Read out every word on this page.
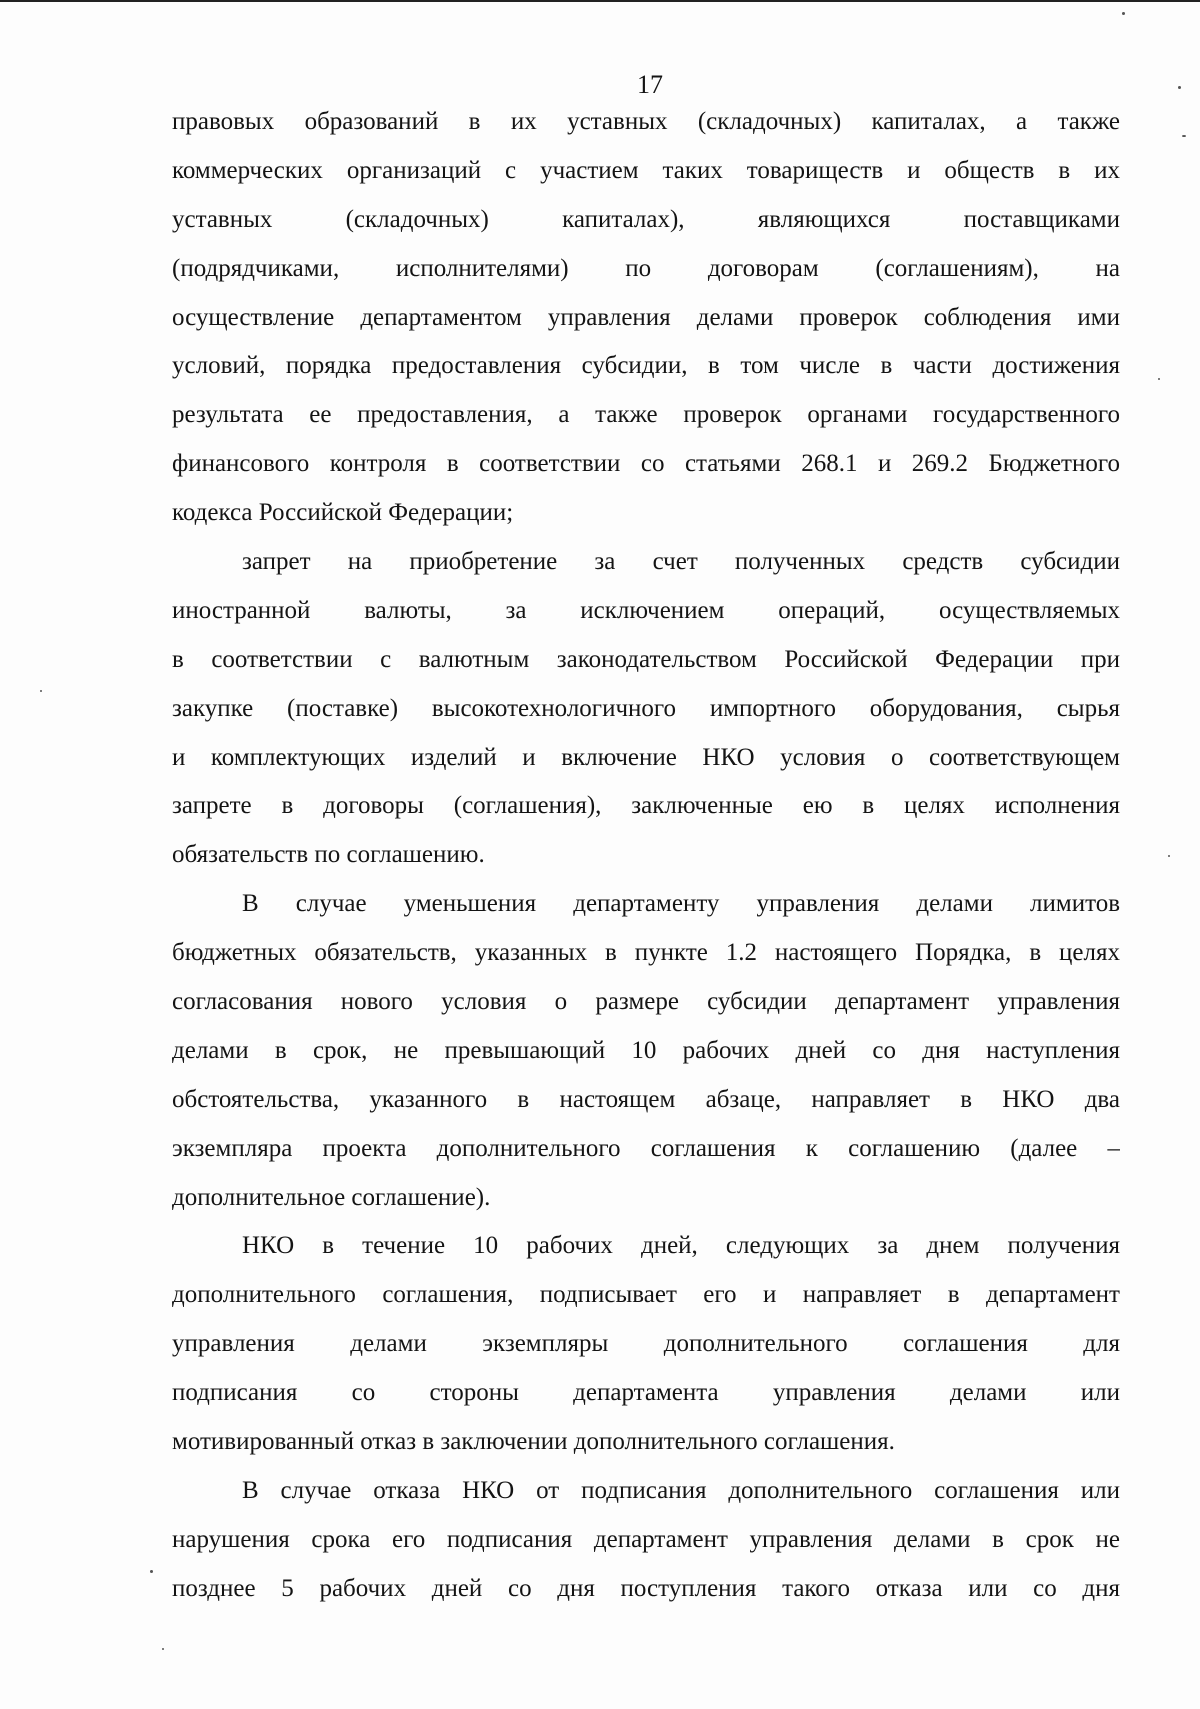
17
правовых образований в их уставных (складочных) капиталах, а также
коммерческих организаций с участием таких товариществ и обществ в их
уставных (складочных) капиталах), являющихся поставщиками
(подрядчиками, исполнителями) по договорам (соглашениям), на
осуществление департаментом управления делами проверок соблюдения ими
условий, порядка предоставления субсидии, в том числе в части достижения
результата ее предоставления, а также проверок органами государственного
финансового контроля в соответствии со статьями 268.1 и 269.2 Бюджетного
кодекса Российской Федерации;
запрет на приобретение за счет полученных средств субсидии
иностранной валюты, за исключением операций, осуществляемых
в соответствии с валютным законодательством Российской Федерации при
закупке (поставке) высокотехнологичного импортного оборудования, сырья
и комплектующих изделий и включение НКО условия о соответствующем
запрете в договоры (соглашения), заключенные ею в целях исполнения
обязательств по соглашению.
В случае уменьшения департаменту управления делами лимитов
бюджетных обязательств, указанных в пункте 1.2 настоящего Порядка, в целях
согласования нового условия о размере субсидии департамент управления
делами в срок, не превышающий 10 рабочих дней со дня наступления
обстоятельства, указанного в настоящем абзаце, направляет в НКО два
экземпляра проекта дополнительного соглашения к соглашению (далее –
дополнительное соглашение).
НКО в течение 10 рабочих дней, следующих за днем получения
дополнительного соглашения, подписывает его и направляет в департамент
управления делами экземпляры дополнительного соглашения для
подписания со стороны департамента управления делами или
мотивированный отказ в заключении дополнительного соглашения.
В случае отказа НКО от подписания дополнительного соглашения или
нарушения срока его подписания департамент управления делами в срок не
позднее 5 рабочих дней со дня поступления такого отказа или со дня
